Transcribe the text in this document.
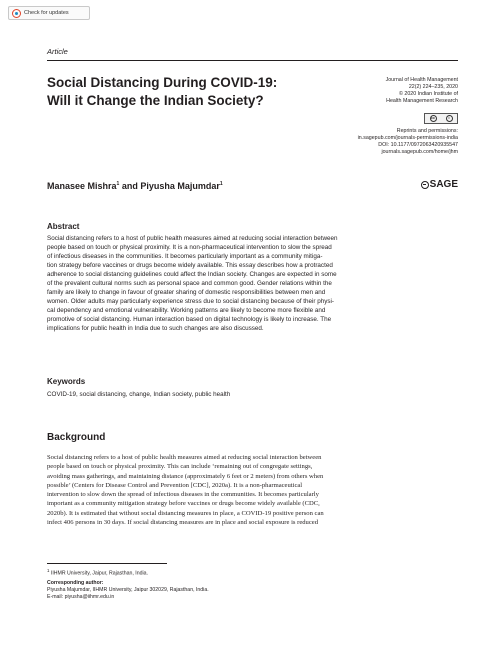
Check for updates
Article
Social Distancing During COVID-19:
Will it Change the Indian Society?
Journal of Health Management
22(2) 224–235, 2020
© 2020 Indian Institute of
Health Management Research
cc	i
Reprints and permissions:
in.sagepub.com/journals-permissions-india
DOI: 10.1177/0972063420935547
journals.sagepub.com/home/jhm
SAGE
Manasee Mishra$^1$ and Piyusha Majumdar$^1$
Abstract
Social distancing refers to a host of public health measures aimed at reducing social interaction between
people based on touch or physical proximity. It is a non-pharmaceutical intervention to slow the spread
of infectious diseases in the communities. It becomes particularly important as a community mitiga-
tion strategy before vaccines or drugs become widely available. This essay describes how a protracted
adherence to social distancing guidelines could affect the Indian society. Changes are expected in some
of the prevalent cultural norms such as personal space and common good. Gender relations within the
family are likely to change in favour of greater sharing of domestic responsibilities between men and
women. Older adults may particularly experience stress due to social distancing because of their physi-
cal dependency and emotional vulnerability. Working patterns are likely to become more flexible and
promotive of social distancing. Human interaction based on digital technology is likely to increase. The
implications for public health in India due to such changes are also discussed.
Keywords
COVID-19, social distancing, change, Indian society, public health
Background
Social distancing refers to a host of public health measures aimed at reducing social interaction between
people based on touch or physical proximity. This can include ‘remaining out of congregate settings,
avoiding mass gatherings, and maintaining distance (approximately 6 feet or 2 meters) from others when
possible’ (Centers for Disease Control and Prevention [CDC], 2020a). It is a non-pharmaceutical
intervention to slow down the spread of infectious diseases in the communities. It becomes particularly
important as a community mitigation strategy before vaccines or drugs become widely available (CDC,
2020b). It is estimated that without social distancing measures in place, a COVID-19 positive person can
infect 406 persons in 30 days. If social distancing measures are in place and social exposure is reduced
$^1$ IIHMR University, Jaipur, Rajasthan, India.
Corresponding author:
Piyusha Majumdar, IIHMR University, Jaipur 302029, Rajasthan, India.
E-mail: piyusha@iihmr.edu.in
